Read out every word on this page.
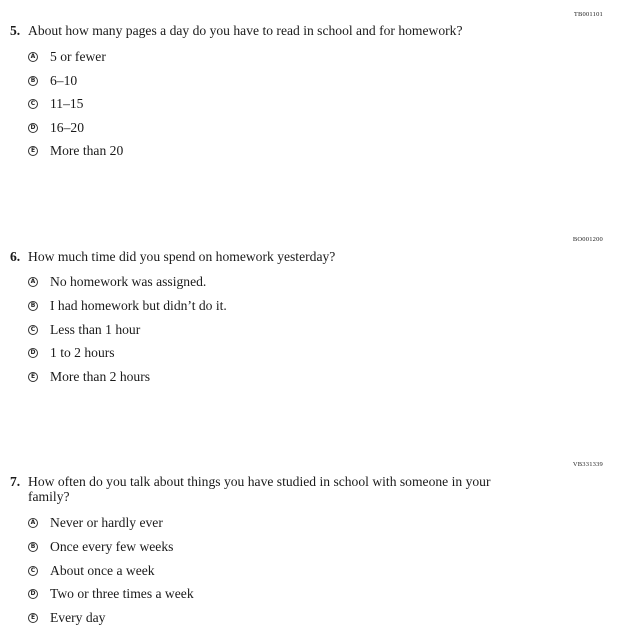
TB001101
5. About how many pages a day do you have to read in school and for homework?
A 5 or fewer
B 6–10
C 11–15
D 16–20
E More than 20
BO001200
6. How much time did you spend on homework yesterday?
A No homework was assigned.
B I had homework but didn’t do it.
C Less than 1 hour
D 1 to 2 hours
E More than 2 hours
VB331339
7. How often do you talk about things you have studied in school with someone in your family?
A Never or hardly ever
B Once every few weeks
C About once a week
D Two or three times a week
E Every day
